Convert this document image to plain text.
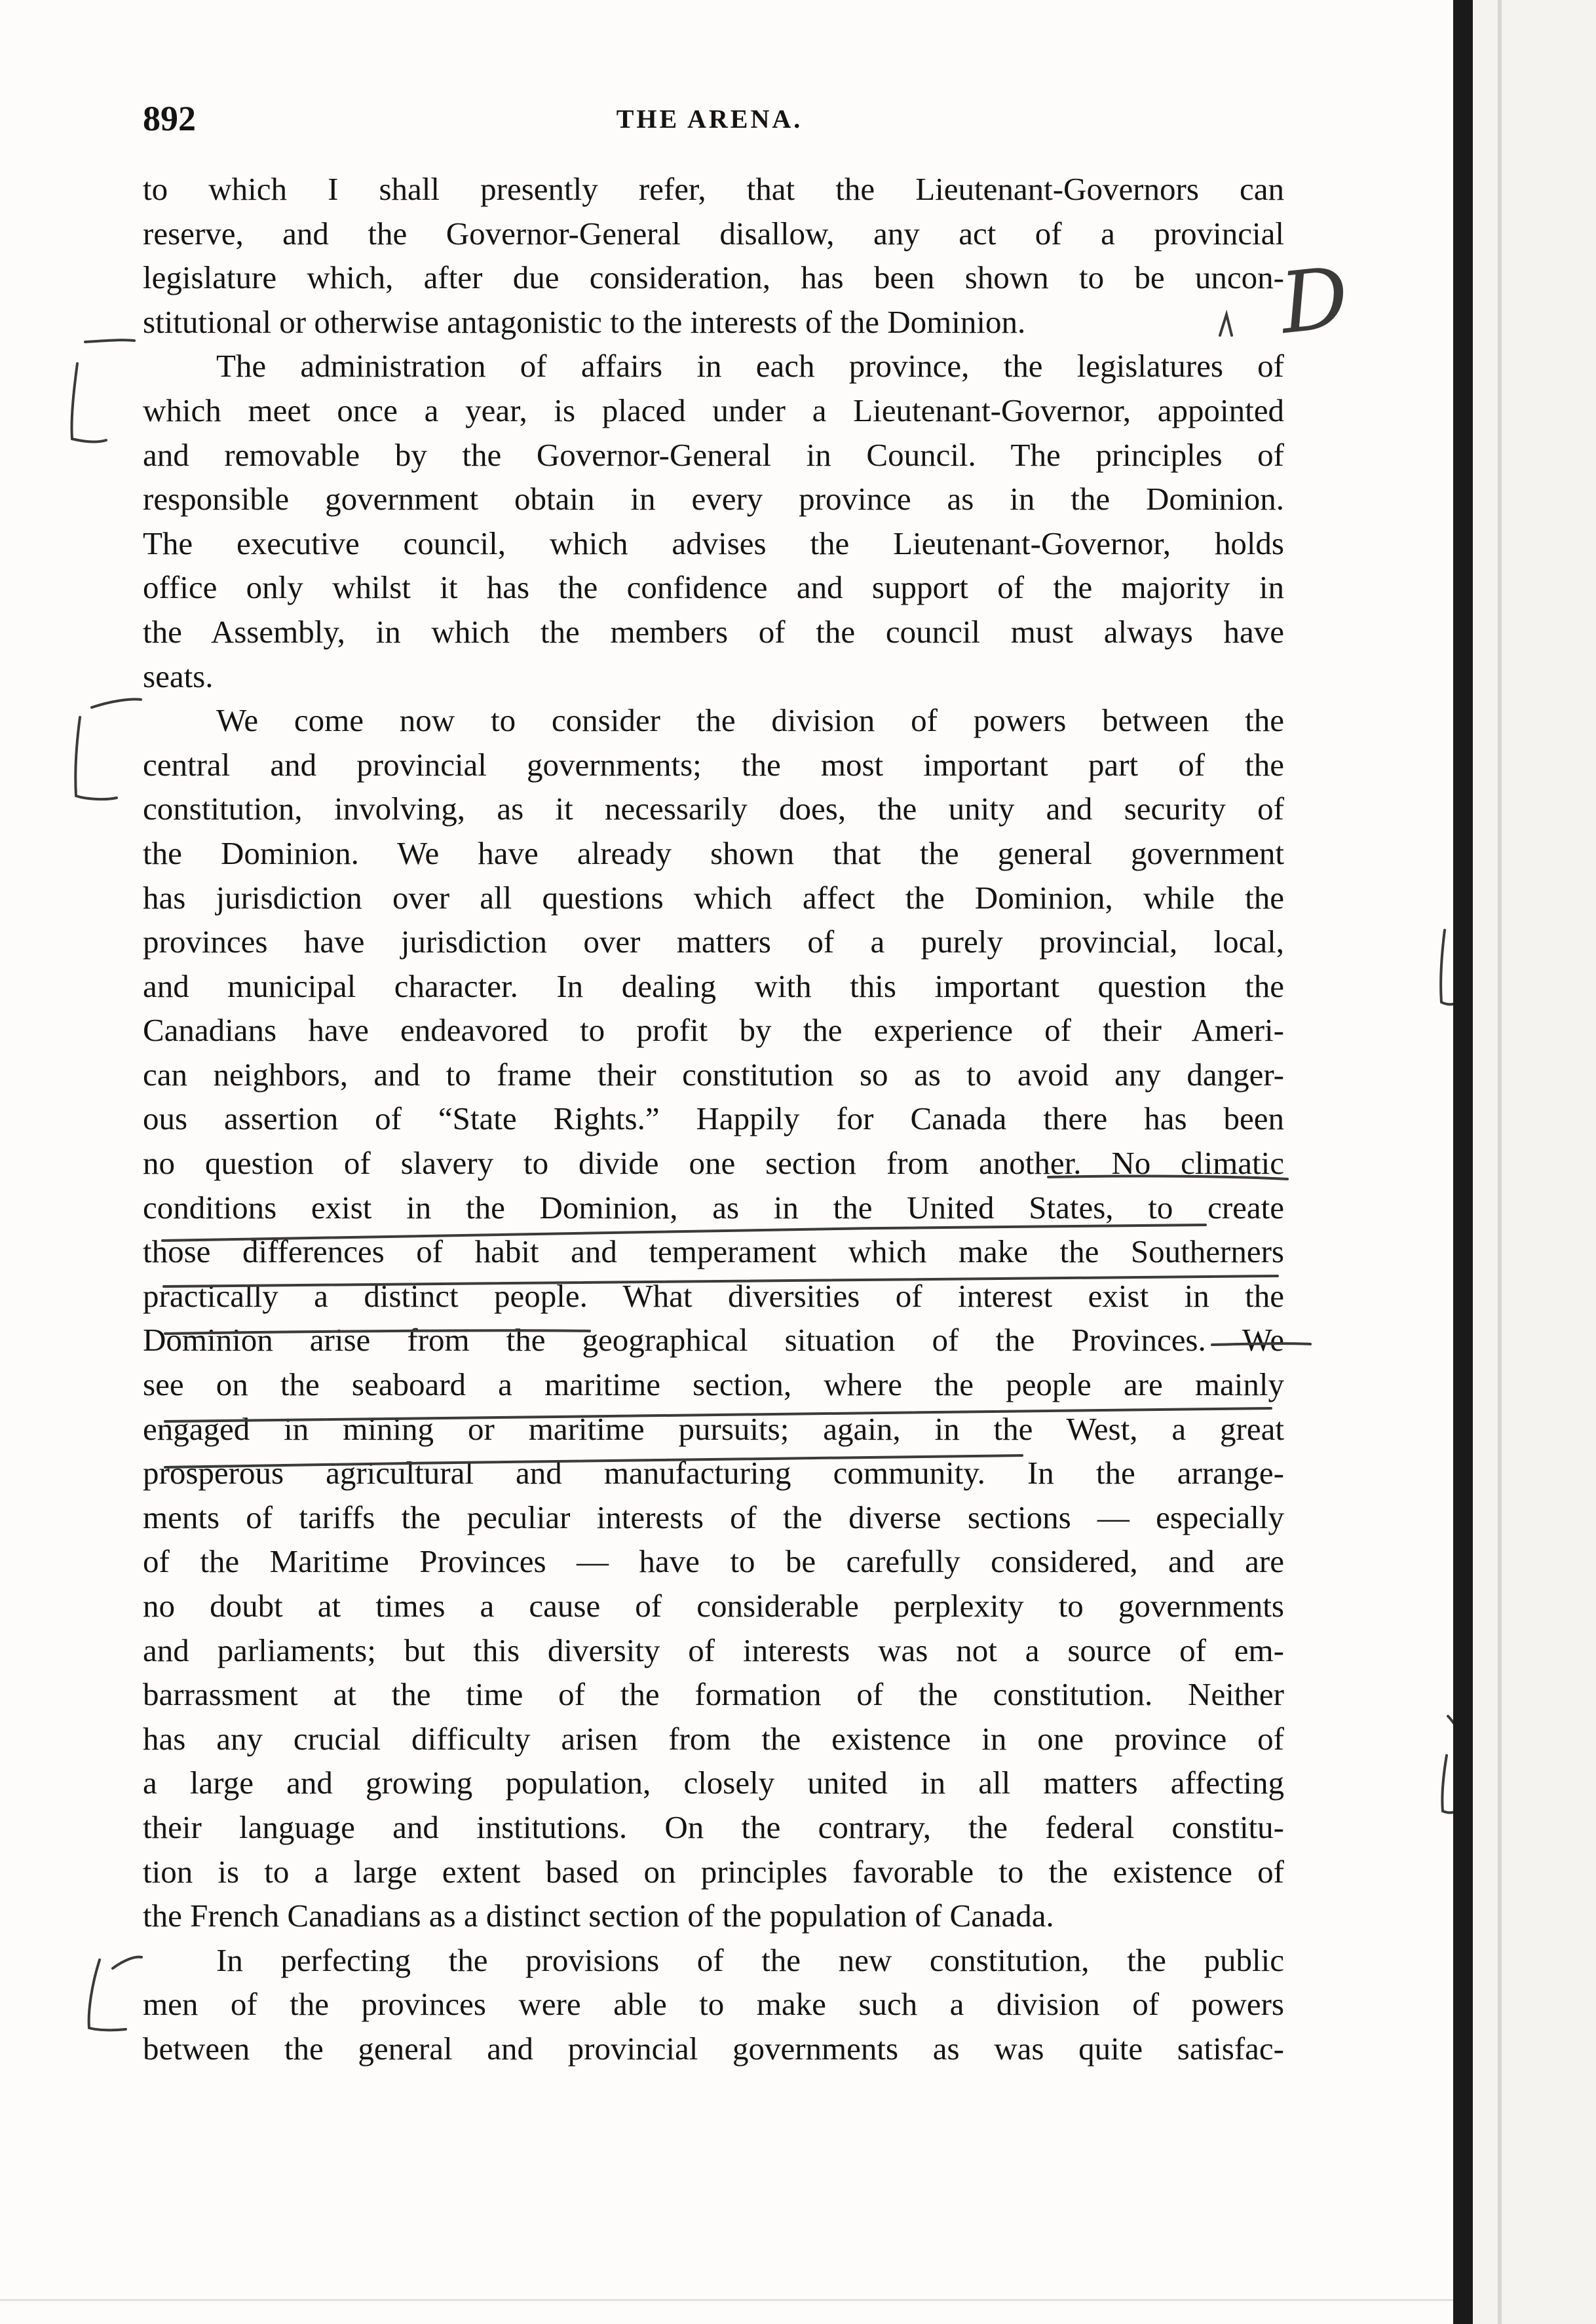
892	THE ARENA.
to which I shall presently refer, that the Lieutenant-Governors can
reserve, and the Governor-General disallow, any act of a provincial
legislature which, after due consideration, has been shown to be uncon-
stitutional or otherwise antagonistic to the interests of the Dominion.
The administration of affairs in each province, the legislatures of
which meet once a year, is placed under a Lieutenant-Governor, appointed
and removable by the Governor-General in Council. The principles of
responsible government obtain in every province as in the Dominion.
The executive council, which advises the Lieutenant-Governor, holds
office only whilst it has the confidence and support of the majority in
the Assembly, in which the members of the council must always have
seats.
We come now to consider the division of powers between the
central and provincial governments; the most important part of the
constitution, involving, as it necessarily does, the unity and security of
the Dominion. We have already shown that the general government
has jurisdiction over all questions which affect the Dominion, while the
provinces have jurisdiction over matters of a purely provincial, local,
and municipal character. In dealing with this important question the
Canadians have endeavored to profit by the experience of their Ameri-
can neighbors, and to frame their constitution so as to avoid any danger-
ous assertion of “State Rights.” Happily for Canada there has been
no question of slavery to divide one section from another. No climatic
conditions exist in the Dominion, as in the United States, to create
those differences of habit and temperament which make the Southerners
practically a distinct people. What diversities of interest exist in the
Dominion arise from the geographical situation of the Provinces. We
see on the seaboard a maritime section, where the people are mainly
engaged in mining or maritime pursuits; again, in the West, a great
prosperous agricultural and manufacturing community. In the arrange-
ments of tariffs the peculiar interests of the diverse sections — especially
of the Maritime Provinces — have to be carefully considered, and are
no doubt at times a cause of considerable perplexity to governments
and parliaments; but this diversity of interests was not a source of em-
barrassment at the time of the formation of the constitution. Neither
has any crucial difficulty arisen from the existence in one province of
a large and growing population, closely united in all matters affecting
their language and institutions. On the contrary, the federal constitu-
tion is to a large extent based on principles favorable to the existence of
the French Canadians as a distinct section of the population of Canada.
In perfecting the provisions of the new constitution, the public
men of the provinces were able to make such a division of powers
between the general and provincial governments as was quite satisfac-
D
